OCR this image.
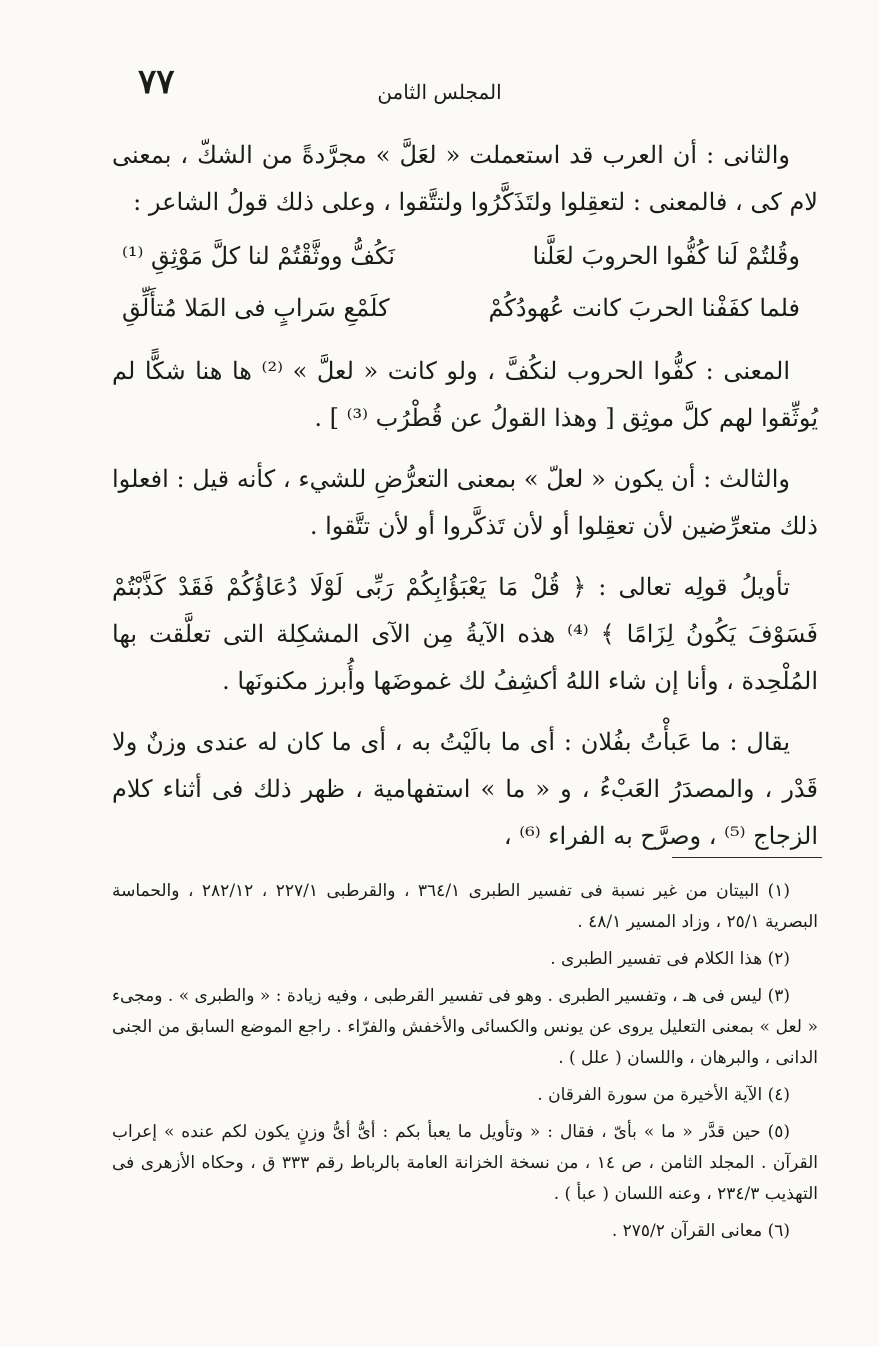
٧٧	المجلس الثامن

والثانى : أن العرب قد استعملت « لعَلَّ » مجرَّدةً من الشكّ ، بمعنى لام كى ، فالمعنى : لتعقِلوا ولتَذَكَّرُوا ولتتَّقوا ، وعلى ذلك قولُ الشاعر :

وقُلتُمْ لَنا كُفُّوا الحروبَ لعَلَّنا
نَكُفُّ ووثَّقْتُمْ لنا كلَّ مَوْثِقِ ⁽¹⁾
فلما كفَفْنا الحربَ كانت عُهودُكُمْ
كلَمْعِ سَرابٍ فى المَلا مُتأَلِّقِ

المعنى : كفُّوا الحروب لنكُفَّ ، ولو كانت « لعلَّ » ⁽²⁾ ها هنا شكًّا لم يُوثِّقوا لهم كلَّ موثِق [ وهذا القولُ عن قُطْرُب ⁽³⁾ ] .

والثالث : أن يكون « لعلّ » بمعنى التعرُّضِ للشيء ، كأنه قيل : افعلوا ذلك متعرِّضين لأن تعقِلوا أو لأن تَذكَّروا أو لأن تتَّقوا .

تأويلُ قولِه تعالى : ﴿ قُلْ مَا يَعْبَؤُابِكُمْ رَبِّى لَوْلَا دُعَاؤُكُمْ فَقَدْ كَذَّبْتُمْ فَسَوْفَ يَكُونُ لِزَامًا ﴾ ⁽⁴⁾ هذه الآيةُ مِن الآى المشكِلة التى تعلَّقت بها المُلْحِدة ، وأنا إن شاء اللهُ أكشِفُ لك غموضَها وأُبرز مكنونَها .

يقال : ما عَبأْتُ بفُلان : أى ما بالَيْتُ به ، أى ما كان له عندى وزنٌ ولا قَدْر ، والمصدَرُ العَبْءُ ، و « ما » استفهامية ، ظهر ذلك فى أثناء كلام الزجاج ⁽⁵⁾ ، وصرَّح به الفراء ⁽⁶⁾ ،

(١) البيتان من غير نسبة فى تفسير الطبرى ٣٦٤/١ ، والقرطبى ٢٢٧/١ ، ٢٨٢/١٢ ، والحماسة البصرية ٢٥/١ ، وزاد المسير ٤٨/١ .

(٢) هذا الكلام فى تفسير الطبرى .

(٣) ليس فى هـ ، وتفسير الطبرى . وهو فى تفسير القرطبى ، وفيه زيادة : « والطبرى » . ومجىء « لعل » بمعنى التعليل يروى عن يونس والكسائى والأخفش والفرّاء . راجع الموضع السابق من الجنى الدانى ، والبرهان ، واللسان ( علل ) .

(٤) الآية الأخيرة من سورة الفرقان .

(٥) حين قدَّر « ما » بأىّ ، فقال : « وتأويل ما يعبأ بكم : أىُّ أىُّ وزنٍ يكون لكم عنده » إعراب القرآن . المجلد الثامن ، ص ١٤ ، من نسخة الخزانة العامة بالرباط رقم ٣٣٣ ق ، وحكاه الأزهرى فى التهذيب ٢٣٤/٣ ، وعنه اللسان ( عبأ ) .

(٦) معانى القرآن ٢٧٥/٢ .
